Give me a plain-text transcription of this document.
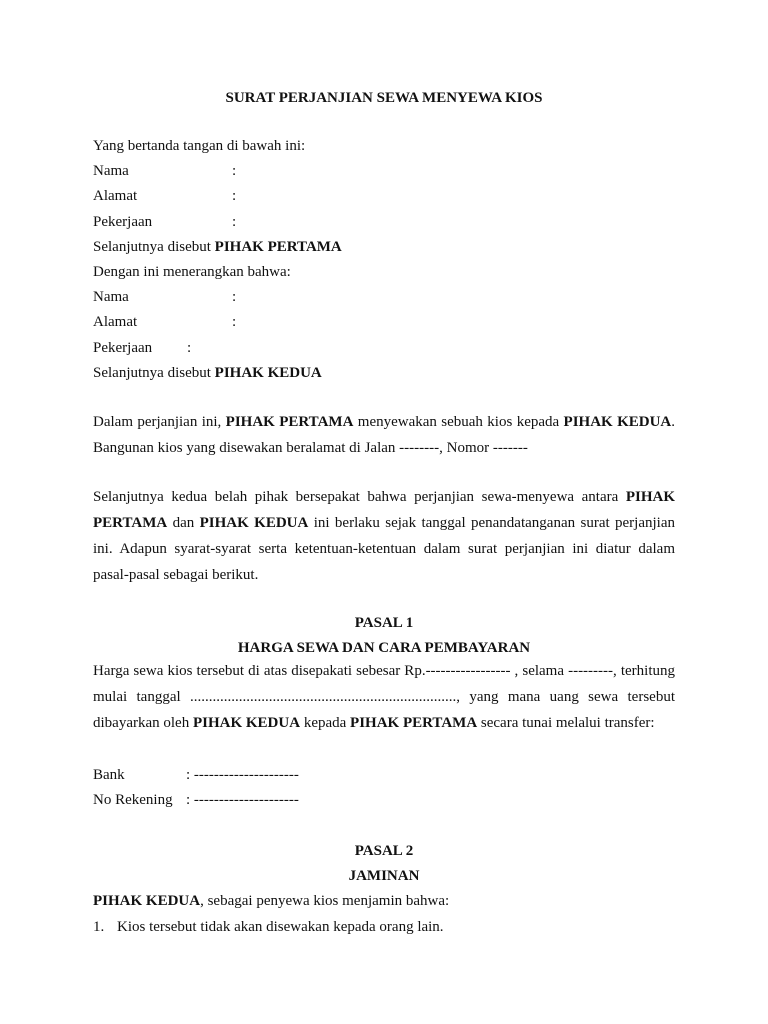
SURAT PERJANJIAN SEWA MENYEWA KIOS
Yang bertanda tangan di bawah ini:
Nama	:
Alamat	:
Pekerjaan	:
Selanjutnya disebut PIHAK PERTAMA
Dengan ini menerangkan bahwa:
Nama	:
Alamat	:
Pekerjaan :
Selanjutnya disebut PIHAK KEDUA
Dalam perjanjian ini, PIHAK PERTAMA menyewakan sebuah kios kepada PIHAK KEDUA. Bangunan kios yang disewakan beralamat di Jalan --------, Nomor -------
Selanjutnya kedua belah pihak bersepakat bahwa perjanjian sewa-menyewa antara PIHAK PERTAMA dan PIHAK KEDUA ini berlaku sejak tanggal penandatanganan surat perjanjian ini. Adapun syarat-syarat serta ketentuan-ketentuan dalam surat perjanjian ini diatur dalam pasal-pasal sebagai berikut.
PASAL 1
HARGA SEWA DAN CARA PEMBAYARAN
Harga sewa kios tersebut di atas disepakati sebesar Rp.----------------- , selama ---------, terhitung mulai tanggal ......................................................................., yang mana uang sewa tersebut dibayarkan oleh PIHAK KEDUA kepada PIHAK PERTAMA secara tunai melalui transfer:
Bank	: ---------------------
No Rekening : ---------------------
PASAL 2
JAMINAN
PIHAK KEDUA, sebagai penyewa kios menjamin bahwa:
1. Kios tersebut tidak akan disewakan kepada orang lain.
